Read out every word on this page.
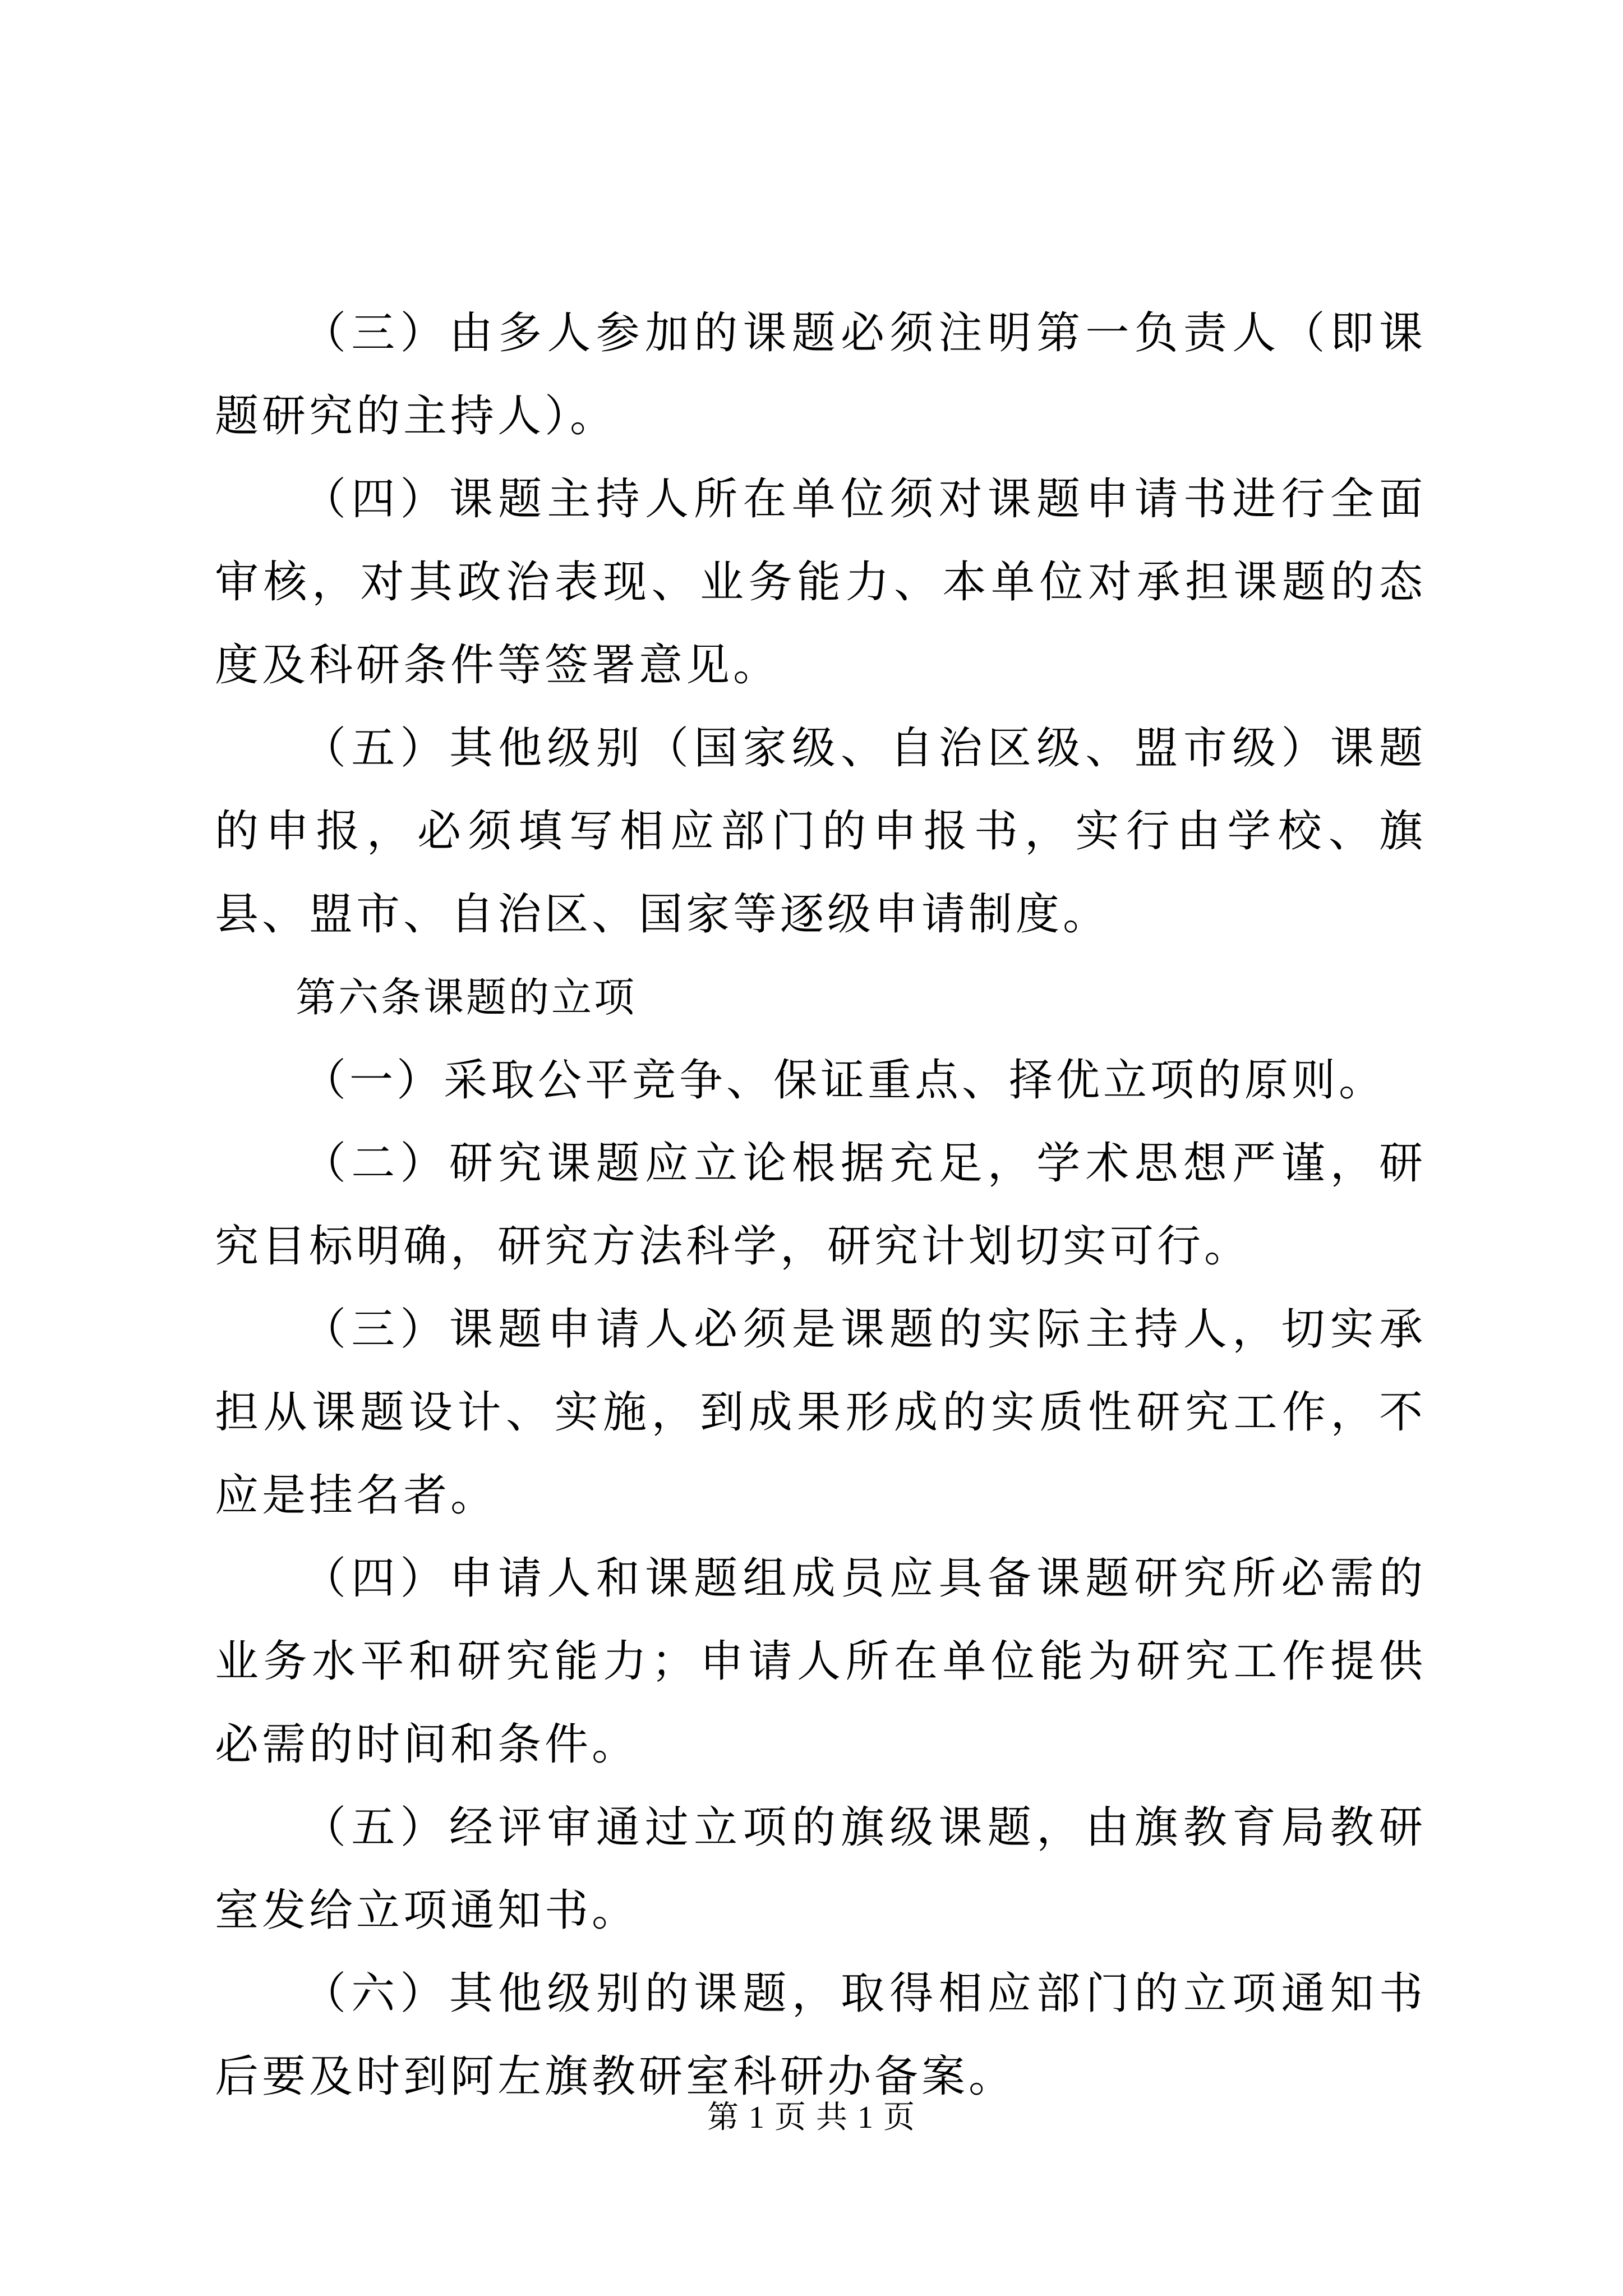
（三）由多人参加的课题必须注明第一负责人（即课题研究的主持人）。

（四）课题主持人所在单位须对课题申请书进行全面审核，对其政治表现、业务能力、本单位对承担课题的态度及科研条件等签署意见。

（五）其他级别（国家级、自治区级、盟市级）课题的申报，必须填写相应部门的申报书，实行由学校、旗县、盟市、自治区、国家等逐级申请制度。

第六条课题的立项

（一）采取公平竞争、保证重点、择优立项的原则。

（二）研究课题应立论根据充足，学术思想严谨，研究目标明确，研究方法科学，研究计划切实可行。

（三）课题申请人必须是课题的实际主持人，切实承担从课题设计、实施，到成果形成的实质性研究工作，不应是挂名者。

（四）申请人和课题组成员应具备课题研究所必需的业务水平和研究能力；申请人所在单位能为研究工作提供必需的时间和条件。

（五）经评审通过立项的旗级课题，由旗教育局教研室发给立项通知书。

（六）其他级别的课题，取得相应部门的立项通知书后要及时到阿左旗教研室科研办备案。

第 1 页 共 1 页
